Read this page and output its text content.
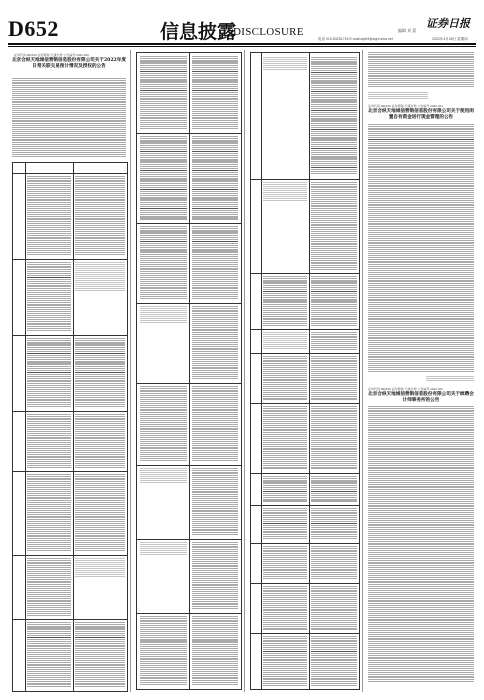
D652	信息披露
DISCLOSURE
证券日报
编辑 刘 蒙
电话 010-83251716 E-mail:zqrb9@zqrb.sina.net	2022年4月28日 星期四
证券代码:002100 证券简称:天康生物 公告编号:2022-040
北京合纵天地城信营销信息股份有限公司关于2022年度日常关联交易预计情况及授权的公告
证券代码:002100 证券简称:天康生物 公告编号:2022-041
北京合纵天地城信营销信息股份有限公司关于使用闲置自有资金进行现金管理的公告
证券代码:002100 证券简称:天康生物 公告编号:2022-042
北京合纵天地城信营销信息股份有限公司关于续聘会计师事务所的公告
